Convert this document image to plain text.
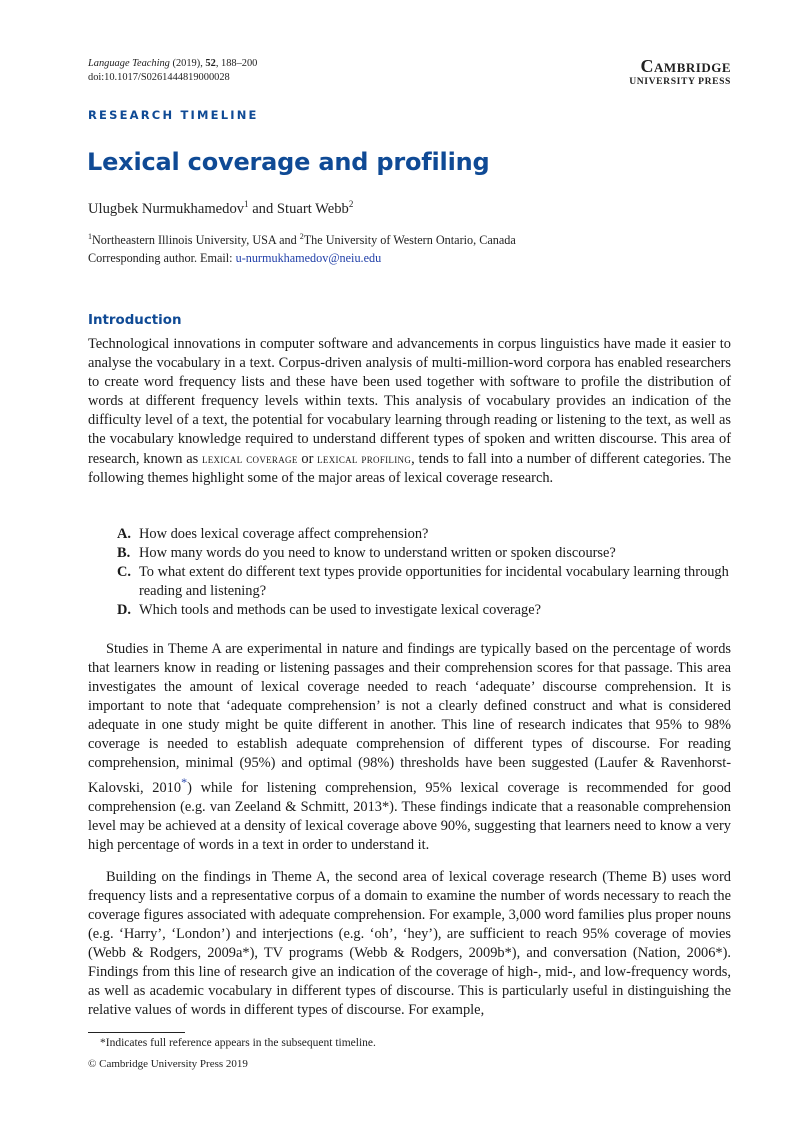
Language Teaching (2019), 52, 188–200
doi:10.1017/S0261444819000028
Cambridge
UNIVERSITY PRESS
RESEARCH TIMELINE
Lexical coverage and profiling
Ulugbek Nurmukhamedov$^1$ and Stuart Webb$^2$
$^1$Northeastern Illinois University, USA and $^2$The University of Western Ontario, Canada
Corresponding author. Email: u-nurmukhamedov@neiu.edu
Introduction
Technological innovations in computer software and advancements in corpus linguistics have made it easier to analyse the vocabulary in a text. Corpus-driven analysis of multi-million-word corpora has enabled researchers to create word frequency lists and these have been used together with software to profile the distribution of words at different frequency levels within texts. This analysis of vocabulary provides an indication of the difficulty level of a text, the potential for vocabulary learning through reading or listening to the text, as well as the vocabulary knowledge required to understand different types of spoken and written discourse. This area of research, known as lexical coverage or lexical profiling, tends to fall into a number of different categories. The following themes highlight some of the major areas of lexical coverage research.
A. How does lexical coverage affect comprehension?
B. How many words do you need to know to understand written or spoken discourse?
C. To what extent do different text types provide opportunities for incidental vocabulary learning through reading and listening?
D. Which tools and methods can be used to investigate lexical coverage?
Studies in Theme A are experimental in nature and findings are typically based on the percentage of words that learners know in reading or listening passages and their comprehension scores for that passage. This area investigates the amount of lexical coverage needed to reach ‘adequate’ discourse comprehension. It is important to note that ‘adequate comprehension’ is not a clearly defined construct and what is considered adequate in one study might be quite different in another. This line of research indicates that 95% to 98% coverage is needed to establish adequate comprehension of different types of discourse. For reading comprehension, minimal (95%) and optimal (98%) thresholds have been suggested (Laufer & Ravenhorst-Kalovski, 2010*) while for listening comprehension, 95% lexical coverage is recommended for good comprehension (e.g. van Zeeland & Schmitt, 2013*). These findings indicate that a reasonable comprehension level may be achieved at a density of lexical coverage above 90%, suggesting that learners need to know a very high percentage of words in a text in order to understand it.
Building on the findings in Theme A, the second area of lexical coverage research (Theme B) uses word frequency lists and a representative corpus of a domain to examine the number of words necessary to reach the coverage figures associated with adequate comprehension. For example, 3,000 word families plus proper nouns (e.g. ‘Harry’, ‘London’) and interjections (e.g. ‘oh’, ‘hey’), are sufficient to reach 95% coverage of movies (Webb & Rodgers, 2009a*), TV programs (Webb & Rodgers, 2009b*), and conversation (Nation, 2006*). Findings from this line of research give an indication of the coverage of high-, mid-, and low-frequency words, as well as academic vocabulary in different types of discourse. This is particularly useful in distinguishing the relative values of words in different types of discourse. For example,
*Indicates full reference appears in the subsequent timeline.
© Cambridge University Press 2019
